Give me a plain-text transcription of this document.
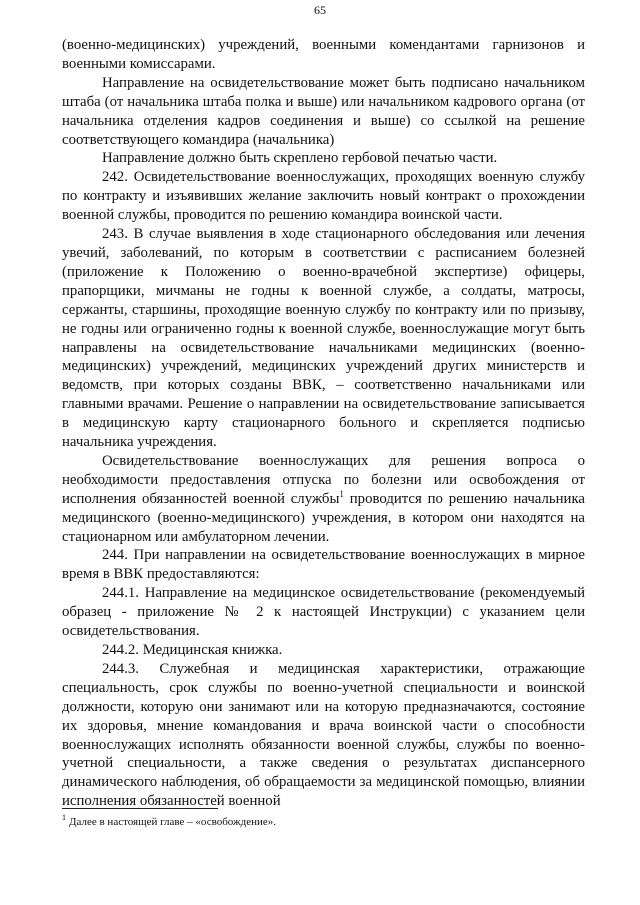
65

(военно-медицинских) учреждений, военными комендантами гарнизонов и военными комиссарами.

Направление на освидетельствование может быть подписано начальником штаба (от начальника штаба полка и выше) или начальником кадрового органа (от начальника отделения кадров соединения и выше) со ссылкой на решение соответствующего командира (начальника)

Направление должно быть скреплено гербовой печатью части.

242. Освидетельствование военнослужащих, проходящих военную службу по контракту и изъявивших желание заключить новый контракт о прохождении военной службы, проводится по решению командира воинской части.

243. В случае выявления в ходе стационарного обследования или лечения увечий, заболеваний, по которым в соответствии с расписанием болезней (приложение к Положению о военно-врачебной экспертизе) офицеры, прапорщики, мичманы не годны к военной службе, а солдаты, матросы, сержанты, старшины, проходящие военную службу по контракту или по призыву, не годны или ограниченно годны к военной службе, военнослужащие могут быть направлены на освидетельствование начальниками медицинских (военно-медицинских) учреждений, медицинских учреждений других министерств и ведомств, при которых созданы ВВК, – соответственно начальниками или главными врачами. Решение о направлении на освидетельствование записывается в медицинскую карту стационарного больного и скрепляется подписью начальника учреждения.

Освидетельствование военнослужащих для решения вопроса о необходимости предоставления отпуска по болезни или освобождения от исполнения обязанностей военной службы$^1$ проводится по решению начальника медицинского (военно-медицинского) учреждения, в котором они находятся на стационарном или амбулаторном лечении.

244. При направлении на освидетельствование военнослужащих в мирное время в ВВК предоставляются:

244.1. Направление на медицинское освидетельствование (рекомендуемый образец - приложение № 2 к настоящей Инструкции) с указанием цели освидетельствования.

244.2. Медицинская книжка.

244.3. Служебная и медицинская характеристики, отражающие специальность, срок службы по военно-учетной специальности и воинской должности, которую они занимают или на которую предназначаются, состояние их здоровья, мнение командования и врача воинской части о способности военнослужащих исполнять обязанности военной службы, службы по военно-учетной специальности, а также сведения о результатах диспансерного динамического наблюдения, об обращаемости за медицинской помощью, влиянии исполнения обязанностей военной

$^1$ Далее в настоящей главе – «освобождение».
